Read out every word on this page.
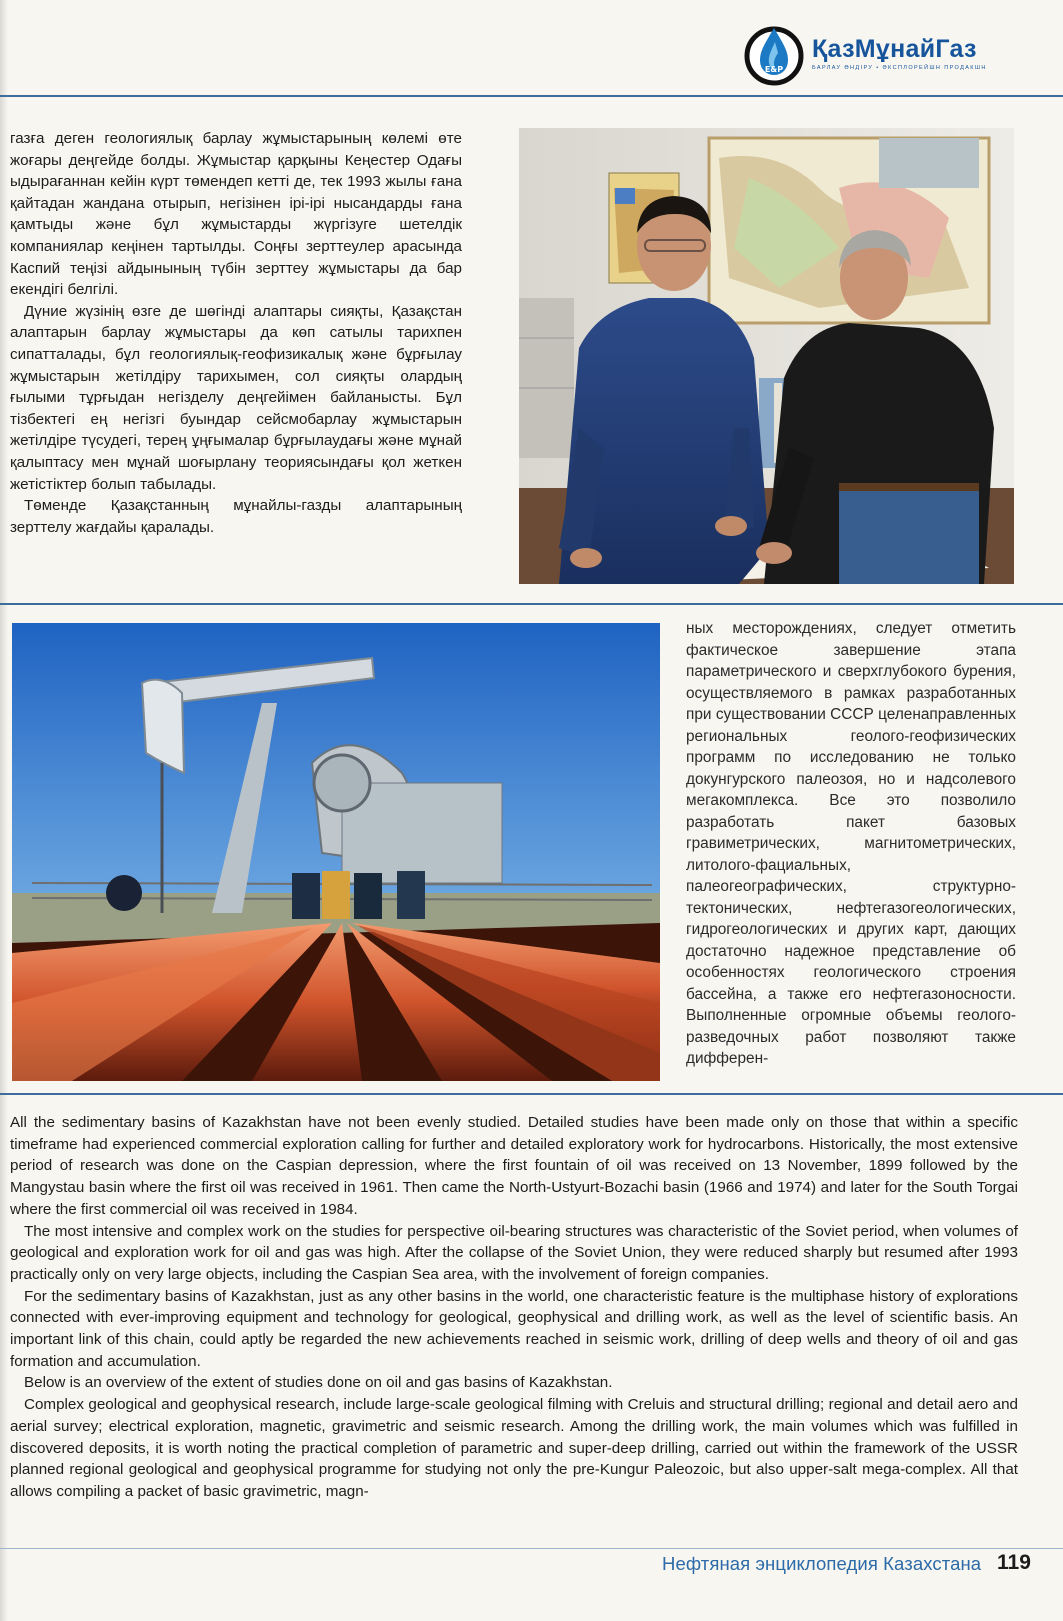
E&P
ҚазМұнайГаз
БАРЛАУ ӨНДІРУ • ӘКСПЛОРЕЙШН ПРОДАКШН

газға деген геологиялық барлау жұмыстарының көлемі өте жоғары деңгейде болды. Жұмыстар қарқыны Кеңестер Одағы ыдырағаннан кейін күрт төмендеп кетті де, тек 1993 жылы ғана қайтадан жандана отырып, негізінен ірі-ірі нысандарды ғана қамтыды және бұл жұмыстарды жүргізуге шетелдік компаниялар кеңінен тартылды. Соңғы зерттеулер арасында Каспий теңізі айдынының түбін зерттеу жұмыстары да бар екендігі белгілі.

Дүние жүзінің өзге де шөгінді алаптары сияқты, Қазақстан алаптарын барлау жұмыстары да көп сатылы тарихпен сипатталады, бұл геологиялық-геофизикалық және бұрғылау жұмыстарын жетілдіру тарихымен, сол сияқты олардың ғылыми тұрғыдан негізделу деңгейімен байланысты. Бұл тізбектегі ең негізгі буындар сейсмобарлау жұмыстарын жетілдіре түсудегі, терең ұңғымалар бұрғылаудағы және мұнай қалыптасу мен мұнай шоғырлану теориясындағы қол жеткен жетістіктер болып табылады.

Төменде Қазақстанның мұнайлы-газды алаптарының зерттелу жағдайы қаралады.

ных месторождениях, следует отметить фактическое завершение этапа параметрического и сверхглубокого бурения, осуществляемого в рамках разработанных при существовании СССР целенаправленных региональных геолого-геофизических программ по исследованию не только докунгурского палеозоя, но и надсолевого мегакомплекса. Все это позволило разработать пакет базовых гравиметрических, магнитометрических, литолого-фациальных, палеогеографических, структурно-тектонических, нефтегазогеологических, гидрогеологических и других карт, дающих достаточно надежное представление об особенностях геологического строения бассейна, а также его нефтегазоносности. Выполненные огромные объемы геолого-разведочных работ позволяют также дифферен-

All the sedimentary basins of Kazakhstan have not been evenly studied. Detailed studies have been made only on those that within a specific timeframe had experienced commercial exploration calling for further and detailed exploratory work for hydrocarbons. Historically, the most extensive period of research was done on the Caspian depression, where the first fountain of oil was received on 13 November, 1899 followed by the Mangystau basin where the first oil was received in 1961. Then came the North-Ustyurt-Bozachi basin (1966 and 1974) and later for the South Torgai where the first commercial oil was received in 1984.

The most intensive and complex work on the studies for perspective oil-bearing structures was characteristic of the Soviet period, when volumes of geological and exploration work for oil and gas was high. After the collapse of the Soviet Union, they were reduced sharply but resumed after 1993 practically only on very large objects, including the Caspian Sea area, with the involvement of foreign companies.

For the sedimentary basins of Kazakhstan, just as any other basins in the world, one characteristic feature is the multiphase history of explorations connected with ever-improving equipment and technology for geological, geophysical and drilling work, as well as the level of scientific basis. An important link of this chain, could aptly be regarded the new achievements reached in seismic work, drilling of deep wells and theory of oil and gas formation and accumulation.

Below is an overview of the extent of studies done on oil and gas basins of Kazakhstan.

Complex geological and geophysical research, include large-scale geological filming with Creluis and structural drilling; regional and detail aero and aerial survey; electrical exploration, magnetic, gravimetric and seismic research. Among the drilling work, the main volumes which was fulfilled in discovered deposits, it is worth noting the practical completion of parametric and super-deep drilling, carried out within the framework of the USSR planned regional geological and geophysical programme for studying not only the pre-Kungur Paleozoic, but also upper-salt mega-complex. All that allows compiling a packet of basic gravimetric, magn-

Нефтяная энциклопедия Казахстана 119
